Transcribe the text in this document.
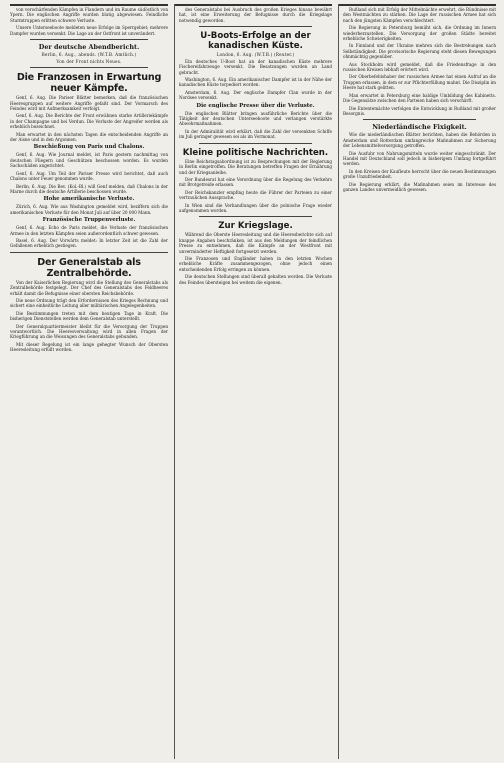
von verschärfenden Kämpfen in Flandern und im Raume südöstlich von Ypern. Die englischen Angriffe wurden blutig abgewiesen. Feindliche Sturmtruppen erlitten schwere Verluste.

Unsere Unterseeboote meldeten neue Erfolge im Sperrgebiet; mehrere Dampfer wurden versenkt. Die Lage an der Ostfront ist unverändert.

Der deutsche Abendbericht.
Berlin, 6. Aug., abends. (W.T.B. Amtlich.)
Von der Front nichts Neues.
Die Franzosen in Erwartung neuer Kämpfe.

Genf, 6. Aug. Die Pariser Blätter bemerken, daß die französischen Heeresgruppen auf weitere Angriffe gefaßt sind. Der Vormarsch des Feindes wird mit Aufmerksamkeit verfolgt.

Genf, 6. Aug. Die Berichte der Front erwähnen starke Artilleriekämpfe in der Champagne und bei Verdun. Die Verluste der Angreifer werden als erheblich bezeichnet.

Man erwartet in den nächsten Tagen die entscheidenden Angriffe an der Aisne und in den Argonnen.

Beschießung von Paris und Chalons.

Genf, 6. Aug. Wie Journal meldet, ist Paris gestern nachmittag von deutschen Fliegern und Geschützen beschossen worden. Es wurden Sachschäden angerichtet.

Genf, 6. Aug. Um Teil der Pariser Presse wird berichtet, daß auch Chalons unter Feuer genommen wurde.

Berlin, 6. Aug. Die Bev. (Kol.-Bl.) will Genf melden, daß Chalons in der Marne durch die deutsche Artillerie beschossen wurde.

Hohe amerikanische Verluste.

Zürich, 6. Aug. Wie aus Washington gemeldet wird, beziffern sich die amerikanischen Verluste für den Monat Juli auf über 20 000 Mann.

Französische Truppenverluste.

Genf, 6. Aug. Echo de Paris meldet, die Verluste der französischen Armee in den letzten Kämpfen seien außerordentlich schwer gewesen.

Basel, 6. Aug. Der Vorwärts meldet: In letzter Zeit ist die Zahl der Gefallenen erheblich gestiegen.

Der Generalstab als Zentralbehörde.

Von der Kaiserlichen Regierung wird die Stellung des Generalstabs als Zentralbehörde festgelegt. Der Chef des Generalstabs des Feldheeres erhält damit die Befugnisse einer obersten Reichsbehörde.

Die neue Ordnung trägt den Erfordernissen des Krieges Rechnung und sichert eine einheitliche Leitung aller militärischen Angelegenheiten.

Die Bestimmungen treten mit dem heutigen Tage in Kraft. Die bisherigen Dienststellen werden dem Generalstab unterstellt.

Der Generalquartiermeister bleibt für die Versorgung der Truppen verantwortlich. Die Heeresverwaltung wird in allen Fragen der Kriegführung an die Weisungen des Generalstabs gebunden.

Mit dieser Regelung ist ein lange gehegter Wunsch der Obersten Heeresleitung erfüllt worden.

des Generalstabs bei Ausbruch des großen Krieges hinaus bewährt hat, ist eine Erweiterung der Befugnisse durch die Kriegslage notwendig geworden.

U-Boots-Erfolge an der kanadischen Küste.
London, 6. Aug. (W.T.B.) (Reuter.)

Ein deutsches U-Boot hat an der kanadischen Küste mehrere Fischereifahrzeuge versenkt. Die Besatzungen wurden an Land gebracht.

Washington, 6. Aug. Ein amerikanischer Dampfer ist in der Nähe der kanadischen Küste torpediert worden.

Amsterdam, 6. Aug. Der englische Dampfer Clan wurde in der Nordsee versenkt.

Die englische Presse über die Verluste.

Die englischen Blätter bringen ausführliche Berichte über die Tätigkeit der deutschen Unterseeboote und verlangen verstärkte Abwehrmaßnahmen.

In der Admiralität wird erklärt, daß die Zahl der versenkten Schiffe im Juli geringer gewesen sei als im Vormonat.

Kleine politische Nachrichten.

Eine Reichstagsabordnung ist zu Besprechungen mit der Regierung in Berlin eingetroffen. Die Beratungen betreffen Fragen der Ernährung und der Kriegsanleihe.

Der Bundesrat hat eine Verordnung über die Regelung des Verkehrs mit Brotgetreide erlassen.

Der Reichskanzler empfing heute die Führer der Parteien zu einer vertraulichen Aussprache.

In Wien sind die Verhandlungen über die polnische Frage wieder aufgenommen worden.

Zur Kriegslage.

Während die Oberste Heeresleitung und die Heeresberichte sich auf knappe Angaben beschränken, ist aus den Meldungen der feindlichen Presse zu entnehmen, daß die Kämpfe an der Westfront mit unverminderter Heftigkeit fortgesetzt werden.

Die Franzosen und Engländer haben in den letzten Wochen erhebliche Kräfte zusammengezogen, ohne jedoch einen entscheidenden Erfolg erringen zu können.

Die deutschen Stellungen sind überall gehalten worden. Die Verluste des Feindes übersteigen bei weitem die eigenen.

Rußland sich mit Erfolg der Mittelmächte erwehrt, die Bündnisse mit den Westmächten zu stärken. Die Lage der russischen Armee hat sich nach den jüngsten Kämpfen verschlechtert.

Die Regierung in Petersburg bemüht sich, die Ordnung im Innern wiederherzustellen. Die Versorgung der großen Städte bereitet erhebliche Schwierigkeiten.

In Finnland und der Ukraine mehren sich die Bestrebungen nach Selbständigkeit. Die provisorische Regierung steht diesen Bewegungen ohnmächtig gegenüber.

Aus Stockholm wird gemeldet, daß die Friedensfrage in den russischen Kreisen lebhaft erörtert wird.

Der Oberbefehlshaber der russischen Armee hat einen Aufruf an die Truppen erlassen, in dem er zur Pflichterfüllung mahnt. Die Disziplin im Heere hat stark gelitten.

Man erwartet in Petersburg eine baldige Umbildung des Kabinetts. Die Gegensätze zwischen den Parteien haben sich verschärft.

Die Ententemächte verfolgen die Entwicklung in Rußland mit großer Besorgnis.

Niederländische Fixigkeit.

Wie die niederländischen Blätter berichten, haben die Behörden in Amsterdam und Rotterdam umfangreiche Maßnahmen zur Sicherung der Lebensmittelversorgung getroffen.

Die Ausfuhr von Nahrungsmitteln wurde weiter eingeschränkt. Der Handel mit Deutschland soll jedoch in bisherigem Umfang fortgeführt werden.

In den Kreisen der Kaufleute herrscht über die neuen Bestimmungen große Unzufriedenheit.

Die Regierung erklärt, die Maßnahmen seien im Interesse des ganzen Landes unvermeidlich gewesen.
